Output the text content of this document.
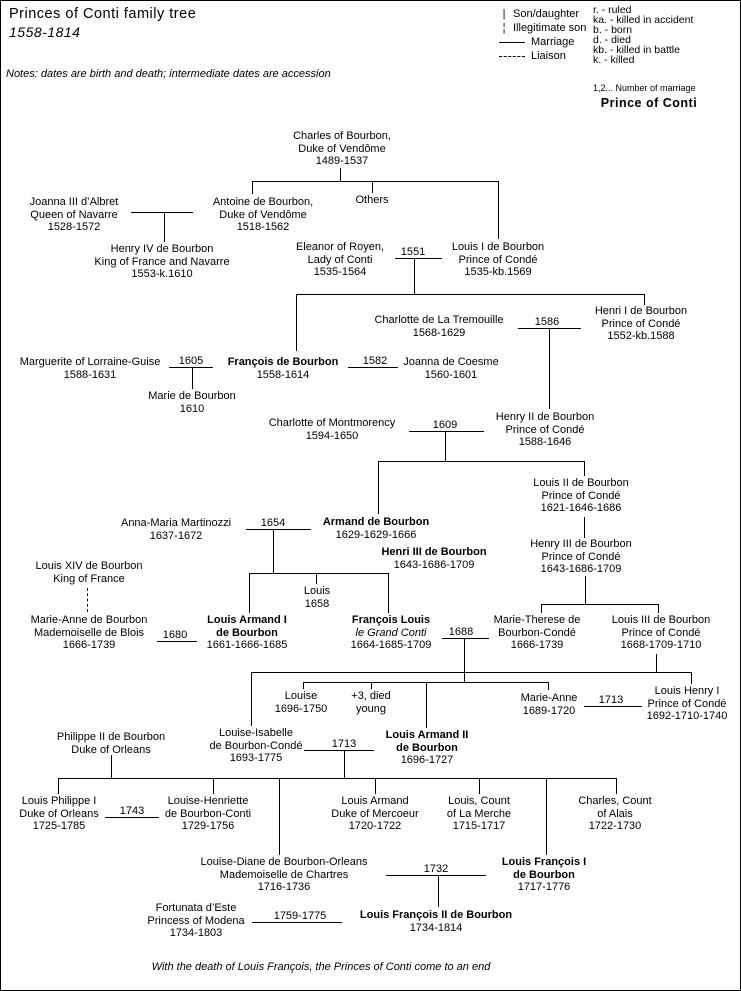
Princes of Conti family tree
1558-1814
Notes: dates are birth and death; intermediate dates are accession
| Son/daughter
¦ Illegitimate son
Marriage
Liaison
r. - ruled
ka. - killed in accident
b. - born
d. - died
kb. - killed in battle
k. - killed
1,2... Number of marriage
Prince of Conti
Charles of Bourbon,
Duke of Vendôme
1489-1537
Joanna III d’Albret
Queen of Navarre
1528-1572
Antoine de Bourbon,
Duke of Vendôme
1518-1562
Others
Henry IV de Bourbon
King of France and Navarre
1553-k.1610
Eleanor of Royen,
Lady of Conti
1535-1564
Louis I de Bourbon
Prince of Condé
1535-kb.1569
Charlotte de La Tremouille
1568-1629
Henri I de Bourbon
Prince of Condé
1552-kb.1588
Marguerite of Lorraine-Guise
1588-1631
François de Bourbon
1558-1614
Joanna de Coesme
1560-1601
Marie de Bourbon
1610
Charlotte of Montmorency
1594-1650
Henry II de Bourbon
Prince of Condé
1588-1646
Louis II de Bourbon
Prince of Condé
1621-1646-1686
Anna-Maria Martinozzi
1637-1672
Armand de Bourbon
1629-1629-1666
Henri III de Bourbon
1643-1686-1709
Henry III de Bourbon
Prince of Condé
1643-1686-1709
Louis XIV de Bourbon
King of France
Marie-Anne de Bourbon
Mademoiselle de Blois
1666-1739
Louis Armand I
de Bourbon
1661-1666-1685
Louis
1658
François Louis
le Grand Conti
1664-1685-1709
Marie-Therese de
Bourbon-Condé
1666-1739
Louis III de Bourbon
Prince of Condé
1668-1709-1710
Louise
1696-1750
+3, died
young
Marie-Anne
1689-1720
Louis Henry I
Prince of Condé
1692-1710-1740
Louise-Isabelle
de Bourbon-Condé
1693-1775
Louis Armand II
de Bourbon
1696-1727
Philippe II de Bourbon
Duke of Orleans
Louis Philippe I
Duke of Orleans
1725-1785
Louise-Henriette
de Bourbon-Conti
1729-1756
Louis Armand
Duke of Mercoeur
1720-1722
Louis, Count
of La Merche
1715-1717
Charles, Count
of Alais
1722-1730
Louise-Diane de Bourbon-Orleans
Mademoiselle de Chartres
1716-1736
Louis François I
de Bourbon
1717-1776
Fortunata d’Este
Princess of Modena
1734-1803
Louis François II de Bourbon
1734-1814
1551
1586
1605	1582
1609
1654
1680	1688
1713
1713
1743
1732
1759-1775
With the death of Louis François, the Princes of Conti come to an end
